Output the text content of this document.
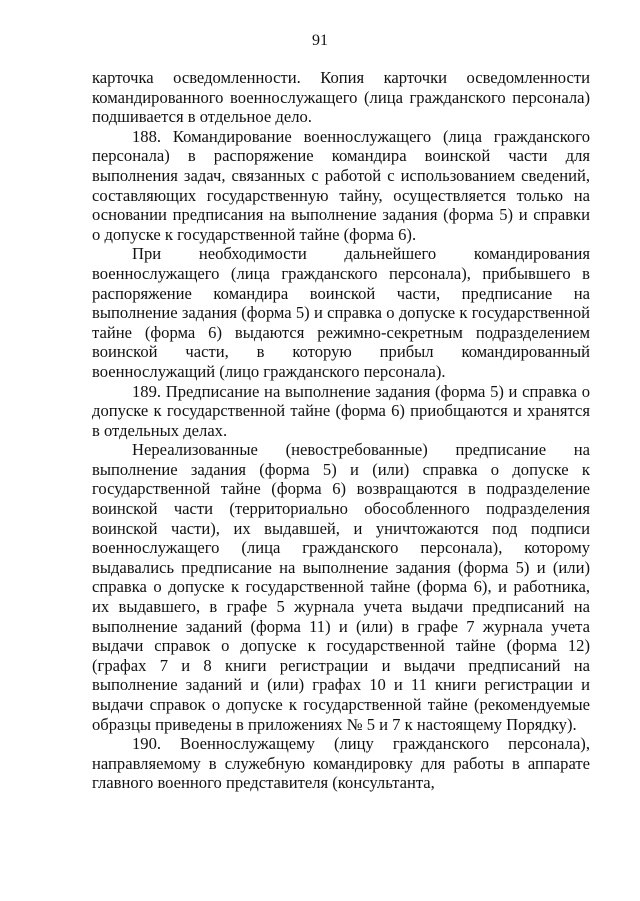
91

карточка осведомленности. Копия карточки осведомленности командированного военнослужащего (лица гражданского персонала) подшивается в отдельное дело.

188. Командирование военнослужащего (лица гражданского персонала) в распоряжение командира воинской части для выполнения задач, связанных с работой с использованием сведений, составляющих государственную тайну, осуществляется только на основании предписания на выполнение задания (форма 5) и справки о допуске к государственной тайне (форма 6).

При необходимости дальнейшего командирования военнослужащего (лица гражданского персонала), прибывшего в распоряжение командира воинской части, предписание на выполнение задания (форма 5) и справка о допуске к государственной тайне (форма 6) выдаются режимно-секретным подразделением воинской части, в которую прибыл командированный военнослужащий (лицо гражданского персонала).

189. Предписание на выполнение задания (форма 5) и справка о допуске к государственной тайне (форма 6) приобщаются и хранятся в отдельных делах.

Нереализованные (невостребованные) предписание на выполнение задания (форма 5) и (или) справка о допуске к государственной тайне (форма 6) возвращаются в подразделение воинской части (территориально обособленного подразделения воинской части), их выдавшей, и уничтожаются под подписи военнослужащего (лица гражданского персонала), которому выдавались предписание на выполнение задания (форма 5) и (или) справка о допуске к государственной тайне (форма 6), и работника, их выдавшего, в графе 5 журнала учета выдачи предписаний на выполнение заданий (форма 11) и (или) в графе 7 журнала учета выдачи справок о допуске к государственной тайне (форма 12) (графах 7 и 8 книги регистрации и выдачи предписаний на выполнение заданий и (или) графах 10 и 11 книги регистрации и выдачи справок о допуске к государственной тайне (рекомендуемые образцы приведены в приложениях № 5 и 7 к настоящему Порядку).

190. Военнослужащему (лицу гражданского персонала), направляемому в служебную командировку для работы в аппарате главного военного представителя (консультанта,
